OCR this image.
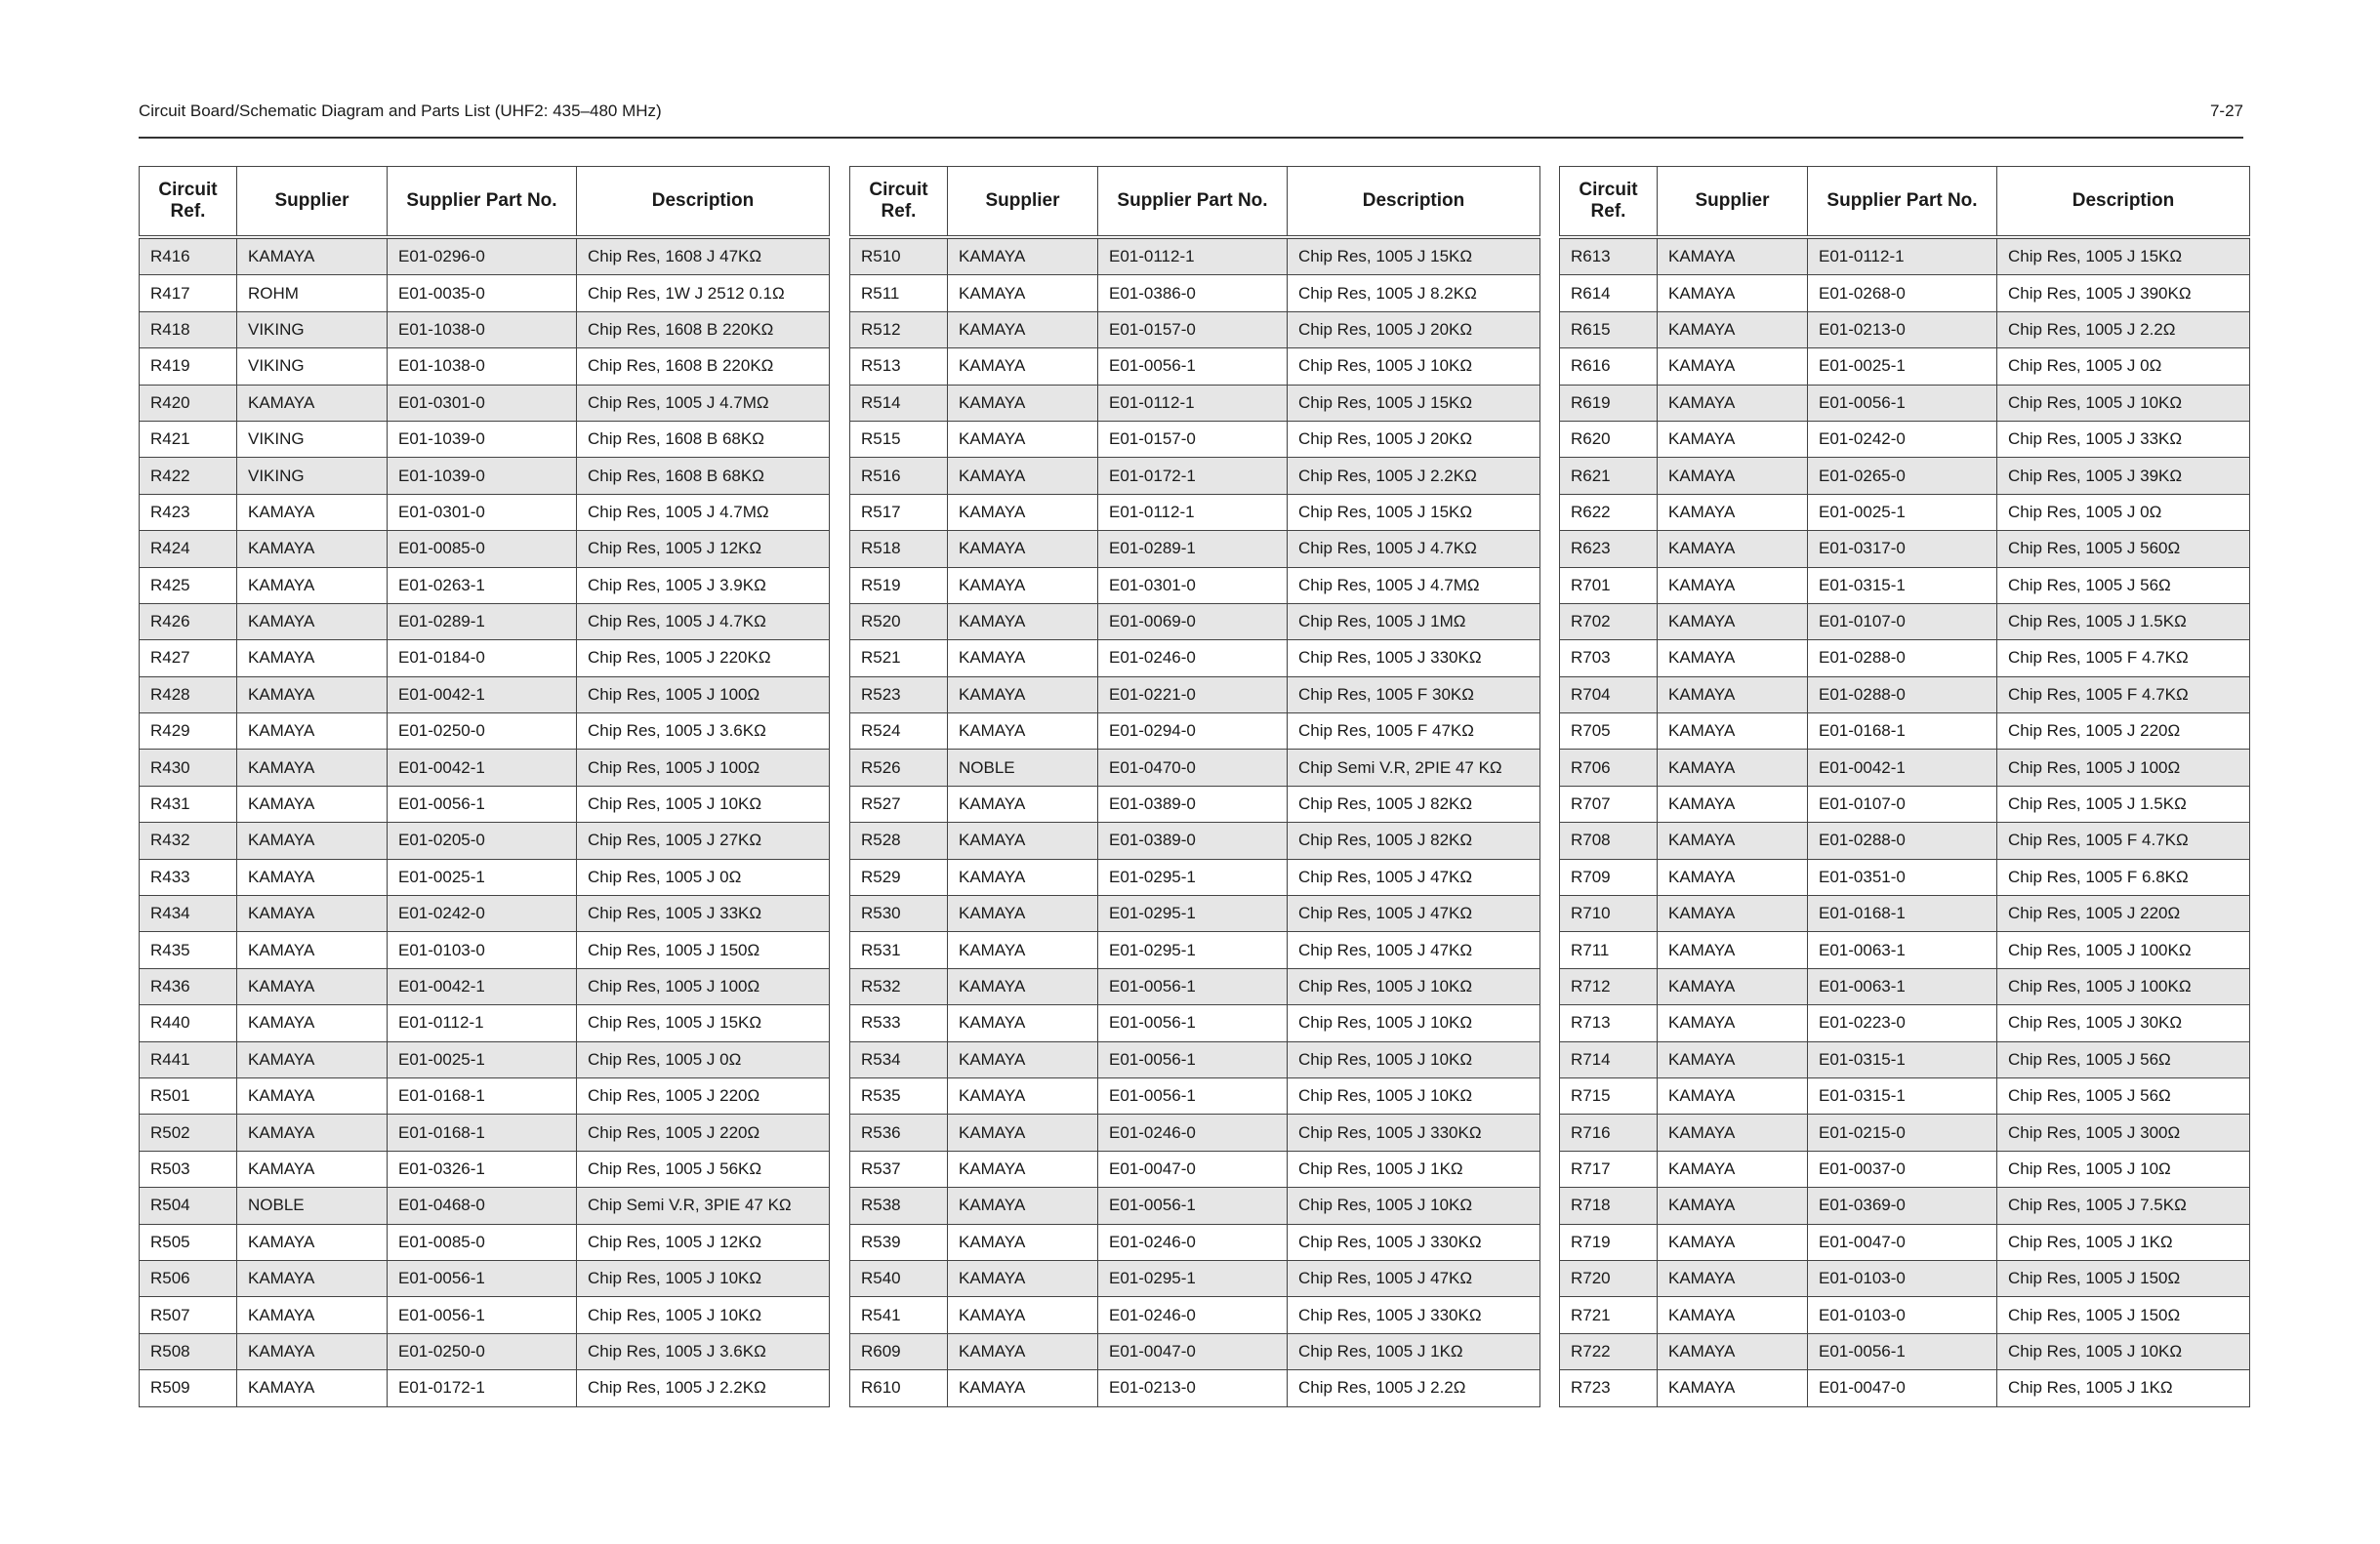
Circuit Board/Schematic Diagram and Parts List (UHF2: 435–480 MHz)	7-27
Circuit
Ref.	Supplier	Supplier Part No.	Description
R416	KAMAYA	E01-0296-0	Chip Res, 1608 J 47KΩ
R417	ROHM	E01-0035-0	Chip Res, 1W J 2512 0.1Ω
R418	VIKING	E01-1038-0	Chip Res, 1608 B 220KΩ
R419	VIKING	E01-1038-0	Chip Res, 1608 B 220KΩ
R420	KAMAYA	E01-0301-0	Chip Res, 1005 J 4.7MΩ
R421	VIKING	E01-1039-0	Chip Res, 1608 B 68KΩ
R422	VIKING	E01-1039-0	Chip Res, 1608 B 68KΩ
R423	KAMAYA	E01-0301-0	Chip Res, 1005 J 4.7MΩ
R424	KAMAYA	E01-0085-0	Chip Res, 1005 J 12KΩ
R425	KAMAYA	E01-0263-1	Chip Res, 1005 J 3.9KΩ
R426	KAMAYA	E01-0289-1	Chip Res, 1005 J 4.7KΩ
R427	KAMAYA	E01-0184-0	Chip Res, 1005 J 220KΩ
R428	KAMAYA	E01-0042-1	Chip Res, 1005 J 100Ω
R429	KAMAYA	E01-0250-0	Chip Res, 1005 J 3.6KΩ
R430	KAMAYA	E01-0042-1	Chip Res, 1005 J 100Ω
R431	KAMAYA	E01-0056-1	Chip Res, 1005 J 10KΩ
R432	KAMAYA	E01-0205-0	Chip Res, 1005 J 27KΩ
R433	KAMAYA	E01-0025-1	Chip Res, 1005 J 0Ω
R434	KAMAYA	E01-0242-0	Chip Res, 1005 J 33KΩ
R435	KAMAYA	E01-0103-0	Chip Res, 1005 J 150Ω
R436	KAMAYA	E01-0042-1	Chip Res, 1005 J 100Ω
R440	KAMAYA	E01-0112-1	Chip Res, 1005 J 15KΩ
R441	KAMAYA	E01-0025-1	Chip Res, 1005 J 0Ω
R501	KAMAYA	E01-0168-1	Chip Res, 1005 J 220Ω
R502	KAMAYA	E01-0168-1	Chip Res, 1005 J 220Ω
R503	KAMAYA	E01-0326-1	Chip Res, 1005 J 56KΩ
R504	NOBLE	E01-0468-0	Chip Semi V.R, 3PIE 47 KΩ
R505	KAMAYA	E01-0085-0	Chip Res, 1005 J 12KΩ
R506	KAMAYA	E01-0056-1	Chip Res, 1005 J 10KΩ
R507	KAMAYA	E01-0056-1	Chip Res, 1005 J 10KΩ
R508	KAMAYA	E01-0250-0	Chip Res, 1005 J 3.6KΩ
R509	KAMAYA	E01-0172-1	Chip Res, 1005 J 2.2KΩ
Circuit
Ref.	Supplier	Supplier Part No.	Description
R510	KAMAYA	E01-0112-1	Chip Res, 1005 J 15KΩ
R511	KAMAYA	E01-0386-0	Chip Res, 1005 J 8.2KΩ
R512	KAMAYA	E01-0157-0	Chip Res, 1005 J 20KΩ
R513	KAMAYA	E01-0056-1	Chip Res, 1005 J 10KΩ
R514	KAMAYA	E01-0112-1	Chip Res, 1005 J 15KΩ
R515	KAMAYA	E01-0157-0	Chip Res, 1005 J 20KΩ
R516	KAMAYA	E01-0172-1	Chip Res, 1005 J 2.2KΩ
R517	KAMAYA	E01-0112-1	Chip Res, 1005 J 15KΩ
R518	KAMAYA	E01-0289-1	Chip Res, 1005 J 4.7KΩ
R519	KAMAYA	E01-0301-0	Chip Res, 1005 J 4.7MΩ
R520	KAMAYA	E01-0069-0	Chip Res, 1005 J 1MΩ
R521	KAMAYA	E01-0246-0	Chip Res, 1005 J 330KΩ
R523	KAMAYA	E01-0221-0	Chip Res, 1005 F 30KΩ
R524	KAMAYA	E01-0294-0	Chip Res, 1005 F 47KΩ
R526	NOBLE	E01-0470-0	Chip Semi V.R, 2PIE 47 KΩ
R527	KAMAYA	E01-0389-0	Chip Res, 1005 J 82KΩ
R528	KAMAYA	E01-0389-0	Chip Res, 1005 J 82KΩ
R529	KAMAYA	E01-0295-1	Chip Res, 1005 J 47KΩ
R530	KAMAYA	E01-0295-1	Chip Res, 1005 J 47KΩ
R531	KAMAYA	E01-0295-1	Chip Res, 1005 J 47KΩ
R532	KAMAYA	E01-0056-1	Chip Res, 1005 J 10KΩ
R533	KAMAYA	E01-0056-1	Chip Res, 1005 J 10KΩ
R534	KAMAYA	E01-0056-1	Chip Res, 1005 J 10KΩ
R535	KAMAYA	E01-0056-1	Chip Res, 1005 J 10KΩ
R536	KAMAYA	E01-0246-0	Chip Res, 1005 J 330KΩ
R537	KAMAYA	E01-0047-0	Chip Res, 1005 J 1KΩ
R538	KAMAYA	E01-0056-1	Chip Res, 1005 J 10KΩ
R539	KAMAYA	E01-0246-0	Chip Res, 1005 J 330KΩ
R540	KAMAYA	E01-0295-1	Chip Res, 1005 J 47KΩ
R541	KAMAYA	E01-0246-0	Chip Res, 1005 J 330KΩ
R609	KAMAYA	E01-0047-0	Chip Res, 1005 J 1KΩ
R610	KAMAYA	E01-0213-0	Chip Res, 1005 J 2.2Ω
Circuit
Ref.	Supplier	Supplier Part No.	Description
R613	KAMAYA	E01-0112-1	Chip Res, 1005 J 15KΩ
R614	KAMAYA	E01-0268-0	Chip Res, 1005 J 390KΩ
R615	KAMAYA	E01-0213-0	Chip Res, 1005 J 2.2Ω
R616	KAMAYA	E01-0025-1	Chip Res, 1005 J 0Ω
R619	KAMAYA	E01-0056-1	Chip Res, 1005 J 10KΩ
R620	KAMAYA	E01-0242-0	Chip Res, 1005 J 33KΩ
R621	KAMAYA	E01-0265-0	Chip Res, 1005 J 39KΩ
R622	KAMAYA	E01-0025-1	Chip Res, 1005 J 0Ω
R623	KAMAYA	E01-0317-0	Chip Res, 1005 J 560Ω
R701	KAMAYA	E01-0315-1	Chip Res, 1005 J 56Ω
R702	KAMAYA	E01-0107-0	Chip Res, 1005 J 1.5KΩ
R703	KAMAYA	E01-0288-0	Chip Res, 1005 F 4.7KΩ
R704	KAMAYA	E01-0288-0	Chip Res, 1005 F 4.7KΩ
R705	KAMAYA	E01-0168-1	Chip Res, 1005 J 220Ω
R706	KAMAYA	E01-0042-1	Chip Res, 1005 J 100Ω
R707	KAMAYA	E01-0107-0	Chip Res, 1005 J 1.5KΩ
R708	KAMAYA	E01-0288-0	Chip Res, 1005 F 4.7KΩ
R709	KAMAYA	E01-0351-0	Chip Res, 1005 F 6.8KΩ
R710	KAMAYA	E01-0168-1	Chip Res, 1005 J 220Ω
R711	KAMAYA	E01-0063-1	Chip Res, 1005 J 100KΩ
R712	KAMAYA	E01-0063-1	Chip Res, 1005 J 100KΩ
R713	KAMAYA	E01-0223-0	Chip Res, 1005 J 30KΩ
R714	KAMAYA	E01-0315-1	Chip Res, 1005 J 56Ω
R715	KAMAYA	E01-0315-1	Chip Res, 1005 J 56Ω
R716	KAMAYA	E01-0215-0	Chip Res, 1005 J 300Ω
R717	KAMAYA	E01-0037-0	Chip Res, 1005 J 10Ω
R718	KAMAYA	E01-0369-0	Chip Res, 1005 J 7.5KΩ
R719	KAMAYA	E01-0047-0	Chip Res, 1005 J 1KΩ
R720	KAMAYA	E01-0103-0	Chip Res, 1005 J 150Ω
R721	KAMAYA	E01-0103-0	Chip Res, 1005 J 150Ω
R722	KAMAYA	E01-0056-1	Chip Res, 1005 J 10KΩ
R723	KAMAYA	E01-0047-0	Chip Res, 1005 J 1KΩ
